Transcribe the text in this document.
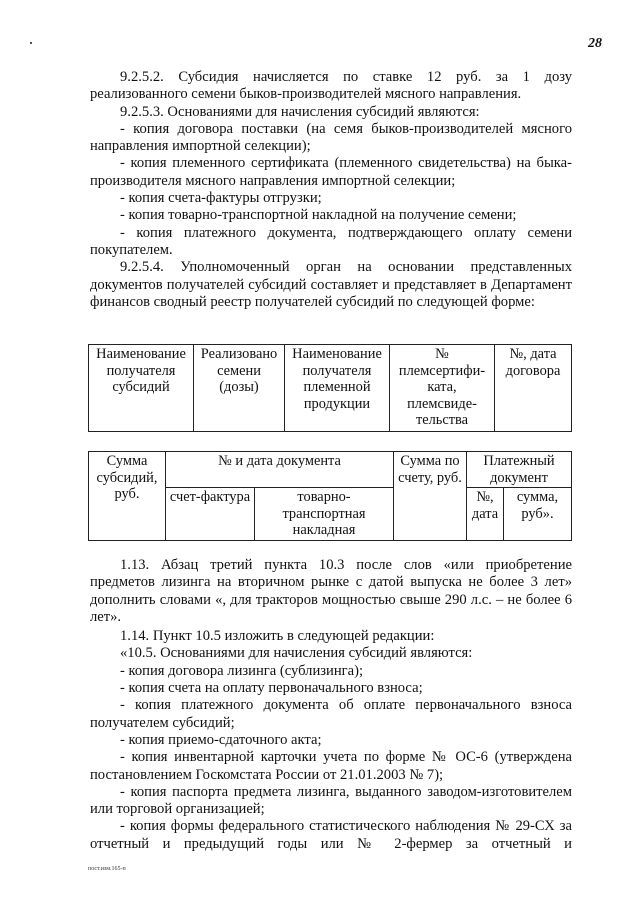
28

9.2.5.2. Субсидия начисляется по ставке 12 руб. за 1 дозу реализованного семени быков-производителей мясного направления.

9.2.5.3. Основаниями для начисления субсидий являются:

- копия договора поставки (на семя быков-производителей мясного направления импортной селекции);

- копия племенного сертификата (племенного свидетельства) на быка-производителя мясного направления импортной селекции;

- копия счета-фактуры отгрузки;

- копия товарно-транспортной накладной на получение семени;

- копия платежного документа, подтверждающего оплату семени покупателем.

9.2.5.4. Уполномоченный орган на основании представленных документов получателей субсидий составляет и представляет в Департамент финансов сводный реестр получателей субсидий по следующей форме:

Наименование получателя субсидий	Реализовано семени (дозы)	Наименование получателя племенной продукции	№ племсертифи-ката, племсвиде-тельства	№, дата договора
Сумма субсидий, руб.	№ и дата документа		Сумма по счету, руб.	Платежный документ	
	счет-фактура	товарно-транспортная накладная		№, дата	сумма, руб».

1.13. Абзац третий пункта 10.3 после слов «или приобретение предметов лизинга на вторичном рынке с датой выпуска не более 3 лет» дополнить словами «, для тракторов мощностью свыше 290 л.с. – не более 6 лет».

1.14. Пункт 10.5 изложить в следующей редакции:

«10.5. Основаниями для начисления субсидий являются:

- копия договора лизинга (сублизинга);

- копия счета на оплату первоначального взноса;

- копия платежного документа об оплате первоначального взноса получателем субсидий;

- копия приемо-сдаточного акта;

- копия инвентарной карточки учета по форме № ОС-6 (утверждена постановлением Госкомстата России от 21.01.2003 № 7);

- копия паспорта предмета лизинга, выданного заводом-изготовителем или торговой организацией;

- копия формы федерального статистического наблюдения № 29-СХ за отчетный и предыдущий годы или № 2-фермер за отчетный и

пост.изм.165-п
